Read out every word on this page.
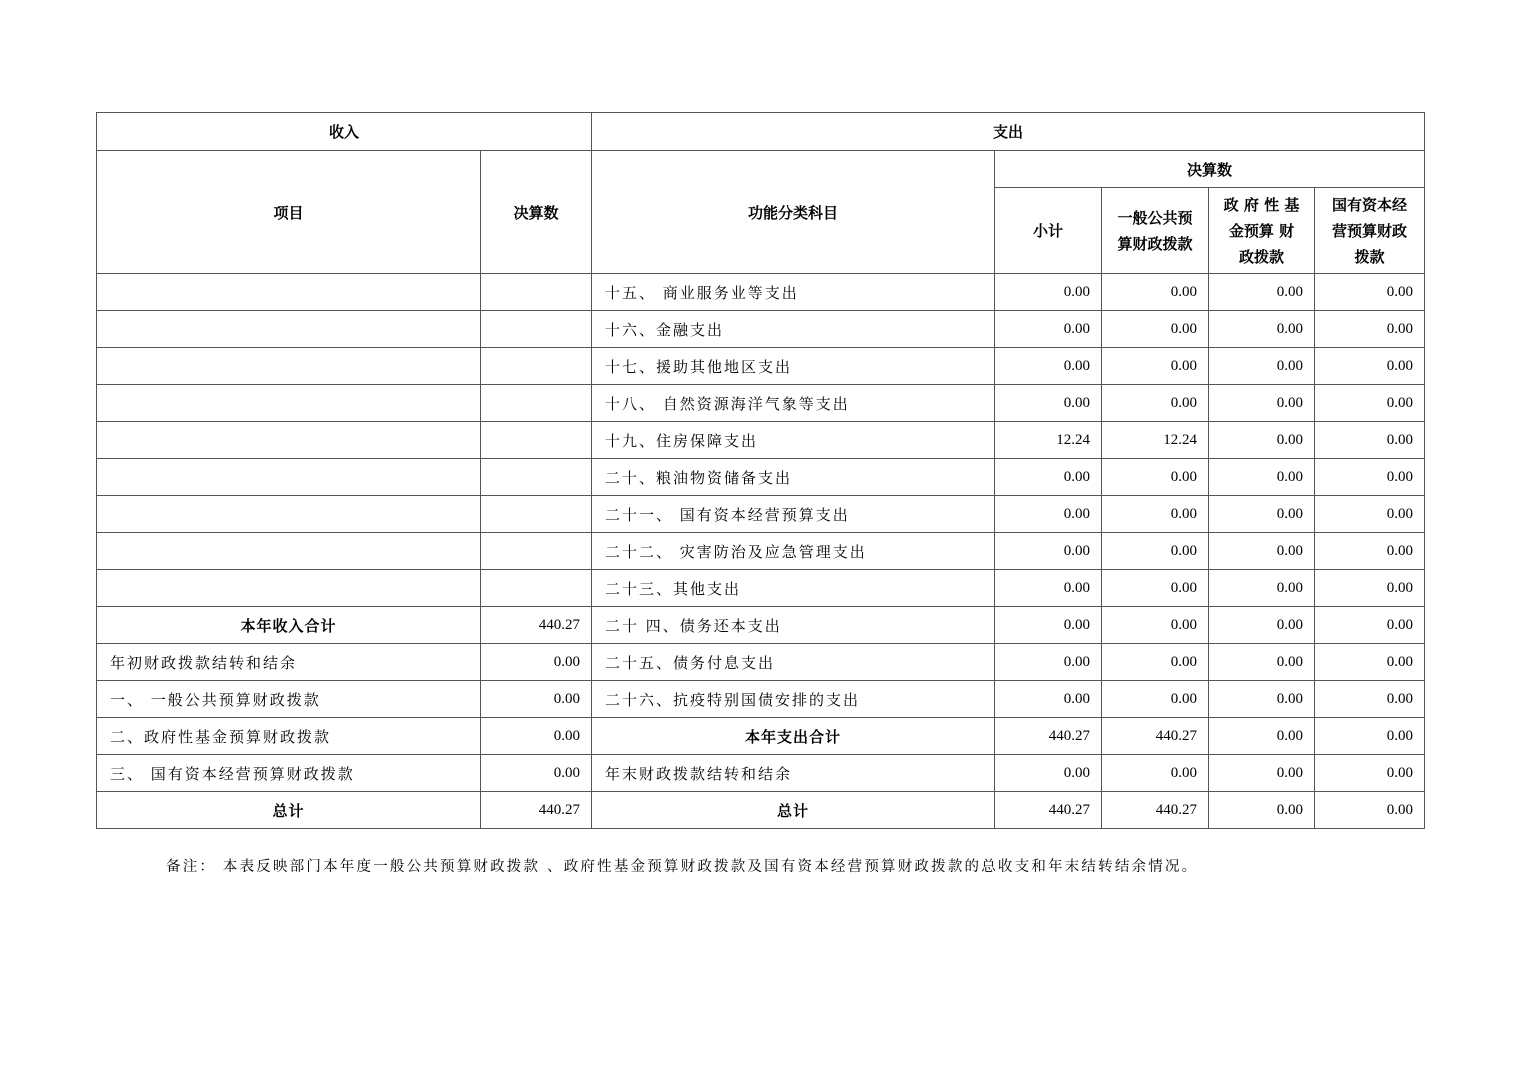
收入		支出				
项目	决算数	功能分类科目	决算数			
			小计	一般公共预算财政拨款	政 府 性 基金预算 财政拨款	国有资本经营预算财政拨款
		十五、 商业服务业等支出	0.00	0.00	0.00	0.00
		十六、金融支出	0.00	0.00	0.00	0.00
		十七、援助其他地区支出	0.00	0.00	0.00	0.00
		十八、 自然资源海洋气象等支出	0.00	0.00	0.00	0.00
		十九、住房保障支出	12.24	12.24	0.00	0.00
		二十、粮油物资储备支出	0.00	0.00	0.00	0.00
		二十一、 国有资本经营预算支出	0.00	0.00	0.00	0.00
		二十二、 灾害防治及应急管理支出	0.00	0.00	0.00	0.00
		二十三、其他支出	0.00	0.00	0.00	0.00
本年收入合计	440.27	二十 四、债务还本支出	0.00	0.00	0.00	0.00
年初财政拨款结转和结余	0.00	二十五、债务付息支出	0.00	0.00	0.00	0.00
一、 一般公共预算财政拨款	0.00	二十六、抗疫特别国债安排的支出	0.00	0.00	0.00	0.00
二、政府性基金预算财政拨款	0.00	本年支出合计	440.27	440.27	0.00	0.00
三、 国有资本经营预算财政拨款	0.00	年末财政拨款结转和结余	0.00	0.00	0.00	0.00
总计	440.27	总计	440.27	440.27	0.00	0.00
备注： 本表反映部门本年度一般公共预算财政拨款 、政府性基金预算财政拨款及国有资本经营预算财政拨款的总收支和年末结转结余情况。
